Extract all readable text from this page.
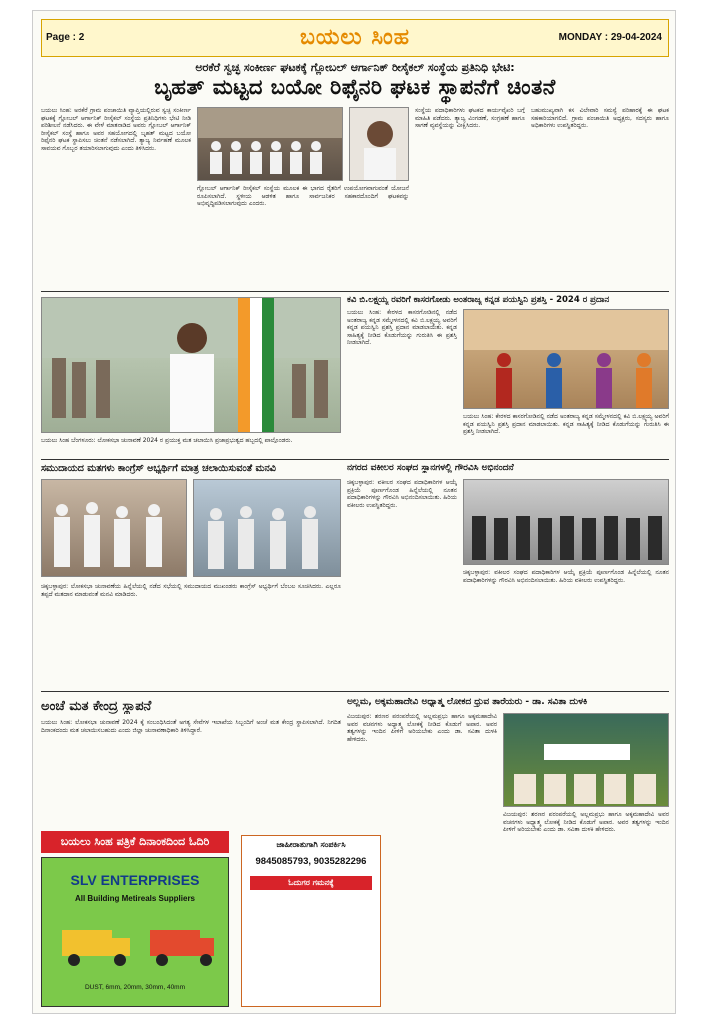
Page : 2	ಬಯಲು ಸಿಂಹ	MONDAY : 29-04-2024
ಅರಕೆರೆ ಸ್ವಚ್ಛ ಸಂಕೀರ್ಣ ಘಟಕಕ್ಕೆ ಗ್ಲೋಬಲ್ ಆರ್ಗಾನಿಕ್ ರೀಸೈಕಲ್ ಸಂಸ್ಥೆಯ ಪ್ರತಿನಿಧಿ ಭೇಟಿ:
ಬೃಹತ್ ಮಟ್ಟದ ಬಯೋ ರಿಫೈನರಿ ಘಟಕ ಸ್ಥಾಪನೆಗೆ ಚಿಂತನೆ
ಬಯಲು ಸಿಂಹ: ಅರಕೆರೆ ಗ್ರಾಮ ಪಂಚಾಯಿತಿ ವ್ಯಾಪ್ತಿಯಲ್ಲಿರುವ ಸ್ವಚ್ಛ ಸಂಕೀರ್ಣ ಘಟಕಕ್ಕೆ ಗ್ಲೋಬಲ್ ಆರ್ಗಾನಿಕ್ ರೀಸೈಕಲ್ ಸಂಸ್ಥೆಯ ಪ್ರತಿನಿಧಿಗಳು ಭೇಟಿ ನೀಡಿ ಪರಿಶೀಲನೆ ನಡೆಸಿದರು. ಈ ವೇಳೆ ಮಾತನಾಡಿದ ಅವರು ಗ್ಲೋಬಲ್ ಆರ್ಗಾನಿಕ್ ರೀಸೈಕಲ್ ಸಂಸ್ಥೆ ಹಾಗೂ ಅವರ ಸಹಯೋಗದಲ್ಲಿ ಬೃಹತ್ ಮಟ್ಟದ ಬಯೋ ರಿಫೈನರಿ ಘಟಕ ಸ್ಥಾಪಿಸಲು ಚಿಂತನೆ ನಡೆಸಲಾಗಿದೆ. ತ್ಯಾಜ್ಯ ನಿರ್ವಹಣೆ ಮೂಲಕ ಸಾವಯವ ಗೊಬ್ಬರ ತಯಾರಿಸಲಾಗುವುದು ಎಂದು ತಿಳಿಸಿದರು.
ಗ್ಲೋಬಲ್ ಆರ್ಗಾನಿಕ್ ರೀಸೈಕಲ್ ಸಂಸ್ಥೆಯ ಮೂಲಕ ಈ ಭಾಗದ ರೈತರಿಗೆ ಉಪಯೋಗವಾಗುವಂತೆ ಯೋಜನೆ ರೂಪಿಸಲಾಗಿದೆ. ಸ್ಥಳೀಯ ಆಡಳಿತ ಹಾಗೂ ಸಾರ್ವಜನಿಕರ ಸಹಕಾರದೊಂದಿಗೆ ಘಟಕವನ್ನು ಅಭಿವೃದ್ಧಿಪಡಿಸಲಾಗುವುದು ಎಂದರು.
ಸಂಸ್ಥೆಯ ಪದಾಧಿಕಾರಿಗಳು ಘಟಕದ ಕಾರ್ಯವೈಖರಿ ಬಗ್ಗೆ ಮಾಹಿತಿ ಪಡೆದರು. ತ್ಯಾಜ್ಯ ವಿಂಗಡಣೆ, ಸಂಗ್ರಹಣೆ ಹಾಗೂ ಸಾಗಣೆ ವ್ಯವಸ್ಥೆಯನ್ನು ವೀಕ್ಷಿಸಿದರು.
ಬಹುಮುಖ್ಯವಾಗಿ ಕಸ ವಿಲೇವಾರಿ ಸಮಸ್ಯೆ ಪರಿಹಾರಕ್ಕೆ ಈ ಘಟಕ ಸಹಕಾರಿಯಾಗಲಿದೆ. ಗ್ರಾಮ ಪಂಚಾಯಿತಿ ಅಧ್ಯಕ್ಷರು, ಸದಸ್ಯರು ಹಾಗೂ ಅಧಿಕಾರಿಗಳು ಉಪಸ್ಥಿತರಿದ್ದರು.
ಬಯಲು ಸಿಂಹ ಬೆಂಗಳೂರು: ಲೋಕಸಭಾ ಚುನಾವಣೆ 2024 ರ ಪ್ರಯುಕ್ತ ಮತ ಚಲಾಯಿಸಿ ಪ್ರಜಾಪ್ರಭುತ್ವದ ಹಬ್ಬದಲ್ಲಿ ಪಾಲ್ಗೊಂಡರು.
ಕವಿ ಬಿ.ಲಕ್ಷ್ಮಯ್ಯ ರವರಿಗೆ ಕಾಸರಗೋಡು ಅಂತರಾಜ್ಯ ಕನ್ನಡ ಪಯಸ್ವಿನಿ ಪ್ರಶಸ್ತಿ - 2024 ರ ಪ್ರದಾನ
ಬಯಲು ಸಿಂಹ: ಕೇರಳದ ಕಾಸರಗೋಡಿನಲ್ಲಿ ನಡೆದ ಅಂತರಾಜ್ಯ ಕನ್ನಡ ಸಮ್ಮೇಳನದಲ್ಲಿ ಕವಿ ಬಿ.ಲಕ್ಷ್ಮಯ್ಯ ಅವರಿಗೆ ಕನ್ನಡ ಪಯಸ್ವಿನಿ ಪ್ರಶಸ್ತಿ ಪ್ರದಾನ ಮಾಡಲಾಯಿತು. ಕನ್ನಡ ಸಾಹಿತ್ಯಕ್ಕೆ ನೀಡಿದ ಕೊಡುಗೆಯನ್ನು ಗುರುತಿಸಿ ಈ ಪ್ರಶಸ್ತಿ ನೀಡಲಾಗಿದೆ.
ಬಯಲು ಸಿಂಹ: ಕೇರಳದ ಕಾಸರಗೋಡಿನಲ್ಲಿ ನಡೆದ ಅಂತರಾಜ್ಯ ಕನ್ನಡ ಸಮ್ಮೇಳನದಲ್ಲಿ ಕವಿ ಬಿ.ಲಕ್ಷ್ಮಯ್ಯ ಅವರಿಗೆ ಕನ್ನಡ ಪಯಸ್ವಿನಿ ಪ್ರಶಸ್ತಿ ಪ್ರದಾನ ಮಾಡಲಾಯಿತು. ಕನ್ನಡ ಸಾಹಿತ್ಯಕ್ಕೆ ನೀಡಿದ ಕೊಡುಗೆಯನ್ನು ಗುರುತಿಸಿ ಈ ಪ್ರಶಸ್ತಿ ನೀಡಲಾಗಿದೆ.
ಸಮುದಾಯದ ಮತಗಳು ಕಾಂಗ್ರೆಸ್ ಅಭ್ಯರ್ಥಿಗೆ ಮಾತ್ರ ಚಲಾಯಿಸುವಂತೆ ಮನವಿ
ಚಿಕ್ಕಬಳ್ಳಾಪುರ: ಲೋಕಸಭಾ ಚುನಾವಣೆಯ ಹಿನ್ನೆಲೆಯಲ್ಲಿ ನಡೆದ ಸಭೆಯಲ್ಲಿ ಸಮುದಾಯದ ಮುಖಂಡರು ಕಾಂಗ್ರೆಸ್ ಅಭ್ಯರ್ಥಿಗೆ ಬೆಂಬಲ ಸೂಚಿಸಿದರು. ಎಲ್ಲರೂ ತಪ್ಪದೆ ಮತದಾನ ಮಾಡುವಂತೆ ಮನವಿ ಮಾಡಿದರು.
ನಗರದ ವಕೀಲರ ಸಂಘದ ಸ್ಥಾನಗಳಲ್ಲಿ ಗೌರವಿಸಿ ಅಭಿನಂದನೆ
ಚಿಕ್ಕಬಳ್ಳಾಪುರ: ವಕೀಲರ ಸಂಘದ ಪದಾಧಿಕಾರಿಗಳ ಆಯ್ಕೆ ಪ್ರಕ್ರಿಯೆ ಪೂರ್ಣಗೊಂಡ ಹಿನ್ನೆಲೆಯಲ್ಲಿ ನೂತನ ಪದಾಧಿಕಾರಿಗಳನ್ನು ಗೌರವಿಸಿ ಅಭಿನಂದಿಸಲಾಯಿತು. ಹಿರಿಯ ವಕೀಲರು ಉಪಸ್ಥಿತರಿದ್ದರು.
ಚಿಕ್ಕಬಳ್ಳಾಪುರ: ವಕೀಲರ ಸಂಘದ ಪದಾಧಿಕಾರಿಗಳ ಆಯ್ಕೆ ಪ್ರಕ್ರಿಯೆ ಪೂರ್ಣಗೊಂಡ ಹಿನ್ನೆಲೆಯಲ್ಲಿ ನೂತನ ಪದಾಧಿಕಾರಿಗಳನ್ನು ಗೌರವಿಸಿ ಅಭಿನಂದಿಸಲಾಯಿತು. ಹಿರಿಯ ವಕೀಲರು ಉಪಸ್ಥಿತರಿದ್ದರು.
ಅಂಚೆ ಮತ ಕೇಂದ್ರ ಸ್ಥಾಪನೆ
ಬಯಲು ಸಿಂಹ: ಲೋಕಸಭಾ ಚುನಾವಣೆ 2024 ಕ್ಕೆ ಸಂಬಂಧಿಸಿದಂತೆ ಅಗತ್ಯ ಸೇವೆಗಳ ಇಲಾಖೆಯ ಸಿಬ್ಬಂದಿಗೆ ಅಂಚೆ ಮತ ಕೇಂದ್ರ ಸ್ಥಾಪಿಸಲಾಗಿದೆ. ನಿಗದಿತ ದಿನಾಂಕದಂದು ಮತ ಚಲಾಯಿಸಬಹುದು ಎಂದು ಜಿಲ್ಲಾ ಚುನಾವಣಾಧಿಕಾರಿ ತಿಳಿಸಿದ್ದಾರೆ.
ಅಲ್ಲಮ, ಅಕ್ಕಮಹಾದೇವಿ ಅಧ್ಯಾತ್ಮ ಲೋಕದ ಧ್ರುವ ತಾರೆಯರು - ಡಾ. ಸವಿತಾ ದುಳಕಿ
ವಿಜಯಪುರ: ಶರಣರ ಪರಂಪರೆಯಲ್ಲಿ ಅಲ್ಲಮಪ್ರಭು ಹಾಗೂ ಅಕ್ಕಮಹಾದೇವಿ ಅವರ ವಚನಗಳು ಅಧ್ಯಾತ್ಮ ಲೋಕಕ್ಕೆ ನೀಡಿದ ಕೊಡುಗೆ ಅಪಾರ. ಅವರ ತತ್ವಗಳನ್ನು ಇಂದಿನ ಪೀಳಿಗೆ ಅರಿಯಬೇಕು ಎಂದು ಡಾ. ಸವಿತಾ ದುಳಕಿ ಹೇಳಿದರು.
ವಿಜಯಪುರ: ಶರಣರ ಪರಂಪರೆಯಲ್ಲಿ ಅಲ್ಲಮಪ್ರಭು ಹಾಗೂ ಅಕ್ಕಮಹಾದೇವಿ ಅವರ ವಚನಗಳು ಅಧ್ಯಾತ್ಮ ಲೋಕಕ್ಕೆ ನೀಡಿದ ಕೊಡುಗೆ ಅಪಾರ. ಅವರ ತತ್ವಗಳನ್ನು ಇಂದಿನ ಪೀಳಿಗೆ ಅರಿಯಬೇಕು ಎಂದು ಡಾ. ಸವಿತಾ ದುಳಕಿ ಹೇಳಿದರು.
ಬಯಲು ಸಿಂಹ ಪತ್ರಿಕೆ ದಿನಾಂಕದಿಂದ ಓದಿರಿ
SLV ENTERPRISES
All Building Metireals Suppliers
DUST, 6mm, 20mm, 30mm, 40mm
ಜಾಹೀರಾತುಗಾಗಿ ಸಂಪರ್ಕಿಸಿ
9845085793, 9035282296
ಓದುಗರ ಗಮನಕ್ಕೆ
